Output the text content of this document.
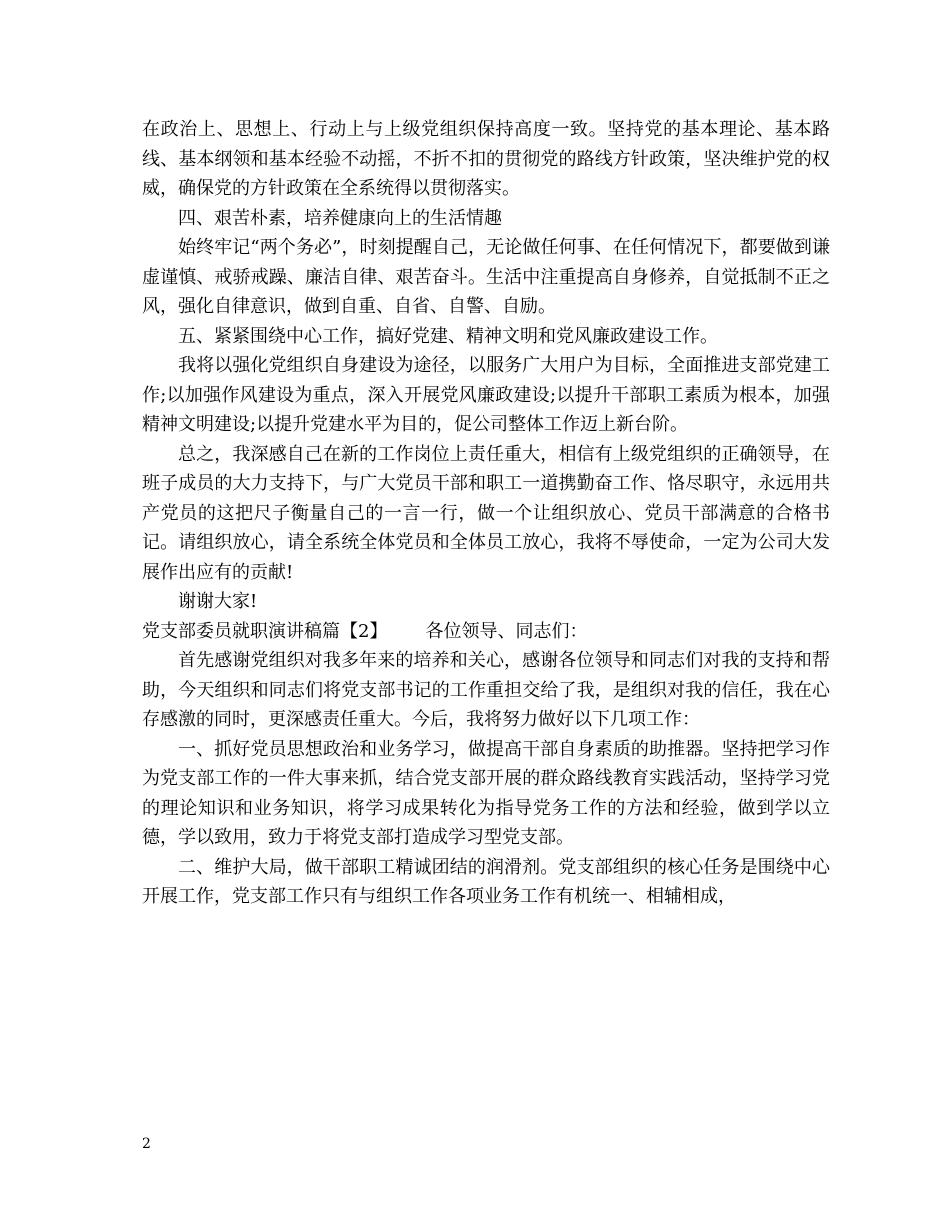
在政治上、思想上、行动上与上级党组织保持高度一致。坚持党的基本理论、基本路线、基本纲领和基本经验不动摇，不折不扣的贯彻党的路线方针政策，坚决维护党的权威，确保党的方针政策在全系统得以贯彻落实。

四、艰苦朴素，培养健康向上的生活情趣

始终牢记“两个务必”，时刻提醒自己，无论做任何事、在任何情况下，都要做到谦虚谨慎、戒骄戒躁、廉洁自律、艰苦奋斗。生活中注重提高自身修养，自觉抵制不正之风，强化自律意识，做到自重、自省、自警、自励。

五、紧紧围绕中心工作，搞好党建、精神文明和党风廉政建设工作。

我将以强化党组织自身建设为途径，以服务广大用户为目标，全面推进支部党建工作;以加强作风建设为重点，深入开展党风廉政建设;以提升干部职工素质为根本，加强精神文明建设;以提升党建水平为目的，促公司整体工作迈上新台阶。

总之，我深感自己在新的工作岗位上责任重大，相信有上级党组织的正确领导，在班子成员的大力支持下，与广大党员干部和职工一道携勤奋工作、恪尽职守，永远用共产党员的这把尺子衡量自己的一言一行，做一个让组织放心、党员干部满意的合格书记。请组织放心，请全系统全体党员和全体员工放心，我将不辱使命，一定为公司大发展作出应有的贡献!

谢谢大家!

党支部委员就职演讲稿篇【2】 各位领导、同志们：

首先感谢党组织对我多年来的培养和关心，感谢各位领导和同志们对我的支持和帮助，今天组织和同志们将党支部书记的工作重担交给了我，是组织对我的信任，我在心存感激的同时，更深感责任重大。今后，我将努力做好以下几项工作：

一、抓好党员思想政治和业务学习，做提高干部自身素质的助推器。坚持把学习作为党支部工作的一件大事来抓，结合党支部开展的群众路线教育实践活动，坚持学习党的理论知识和业务知识，将学习成果转化为指导党务工作的方法和经验，做到学以立德，学以致用，致力于将党支部打造成学习型党支部。

二、维护大局，做干部职工精诚团结的润滑剂。党支部组织的核心任务是围绕中心开展工作，党支部工作只有与组织工作各项业务工作有机统一、相辅相成，

2
